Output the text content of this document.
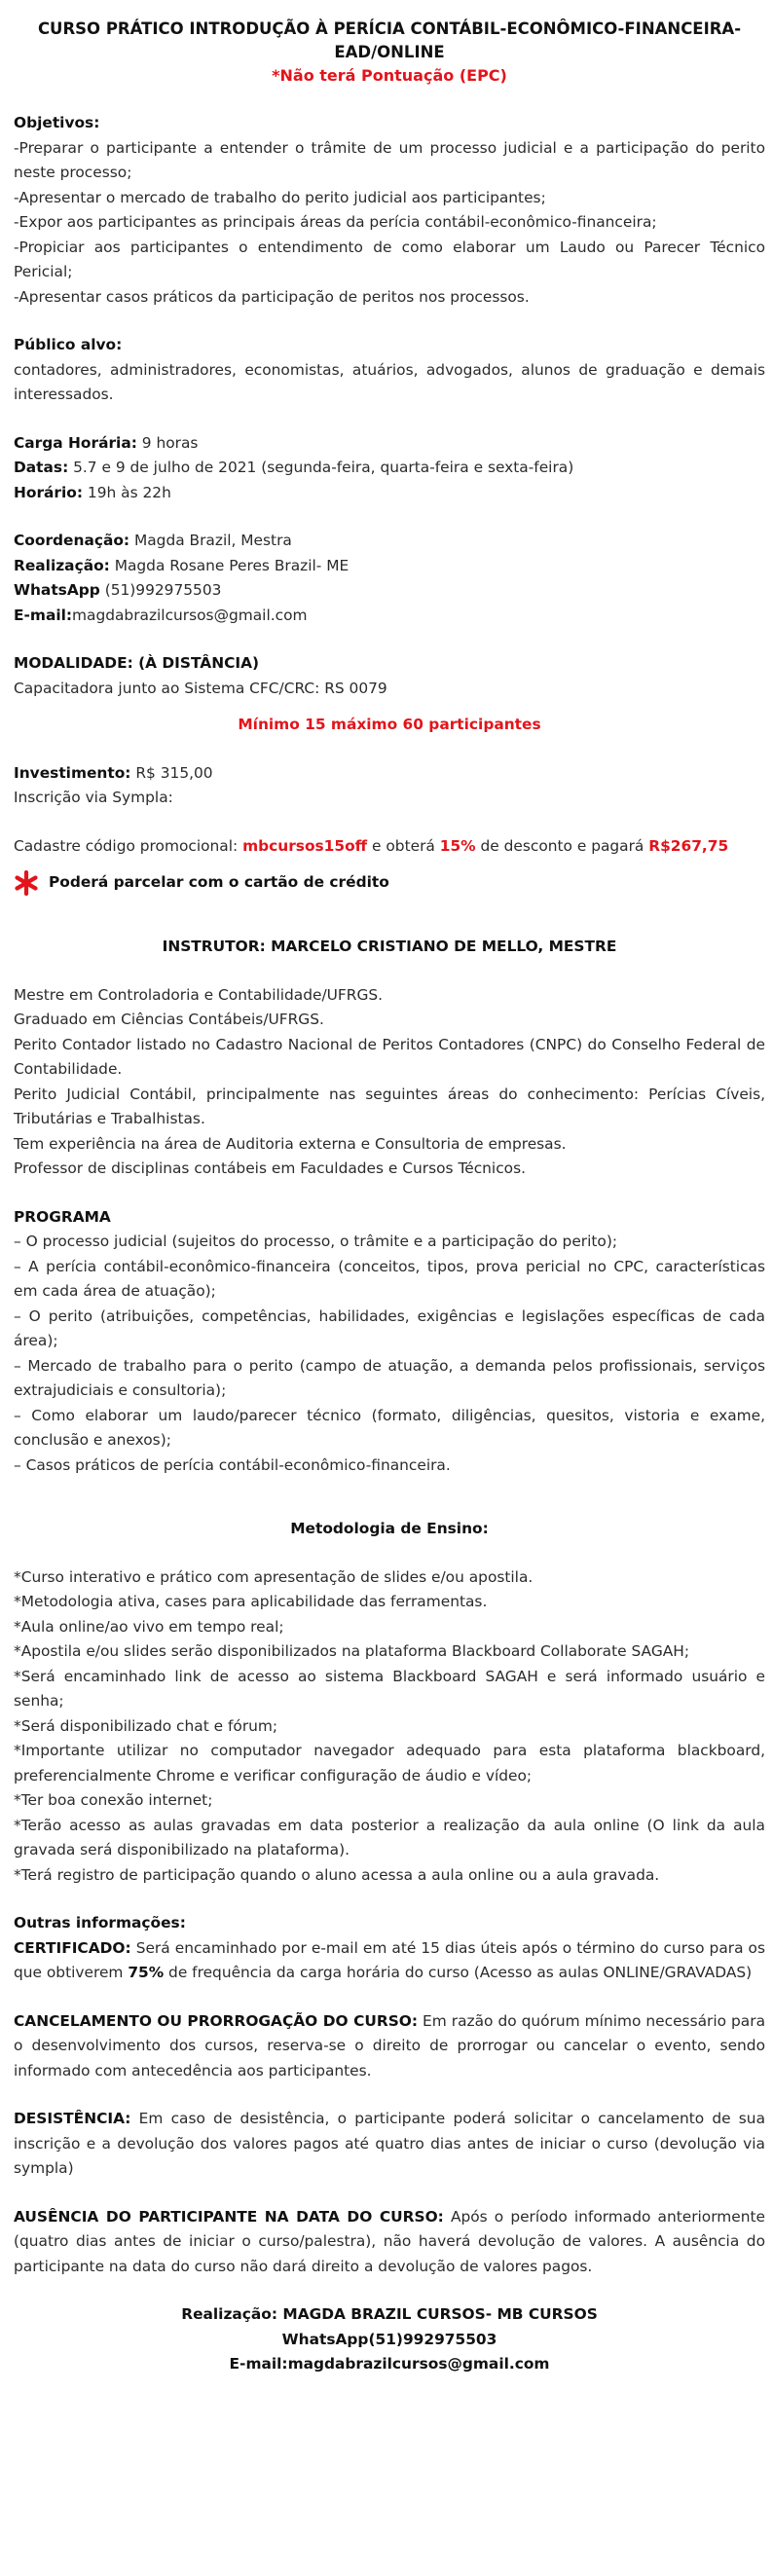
CURSO PRÁTICO INTRODUÇÃO À PERÍCIA CONTÁBIL-ECONÔMICO-FINANCEIRA-
EAD/ONLINE
*Não terá Pontuação (EPC)

Objetivos:

-Preparar o participante a entender o trâmite de um processo judicial e a participação do perito neste processo;

-Apresentar o mercado de trabalho do perito judicial aos participantes;

-Expor aos participantes as principais áreas da perícia contábil-econômico-financeira;

-Propiciar aos participantes o entendimento de como elaborar um Laudo ou Parecer Técnico Pericial;

-Apresentar casos práticos da participação de peritos nos processos.

Público alvo:

contadores, administradores, economistas, atuários, advogados, alunos de graduação e demais interessados.

Carga Horária: 9 horas

Datas: 5.7 e 9 de julho de 2021 (segunda-feira, quarta-feira e sexta-feira)

Horário: 19h às 22h

Coordenação: Magda Brazil, Mestra

Realização: Magda Rosane Peres Brazil- ME

WhatsApp (51)992975503

E-mail:magdabrazilcursos@gmail.com

MODALIDADE: (À DISTÂNCIA)

Capacitadora junto ao Sistema CFC/CRC: RS 0079

Mínimo 15 máximo 60 participantes

Investimento: R$ 315,00

Inscrição via Sympla:

Cadastre código promocional: mbcursos15off e obterá 15% de desconto e pagará R$267,75

Poderá parcelar com o cartão de crédito

INSTRUTOR: MARCELO CRISTIANO DE MELLO, MESTRE

Mestre em Controladoria e Contabilidade/UFRGS.

Graduado em Ciências Contábeis/UFRGS.

Perito Contador listado no Cadastro Nacional de Peritos Contadores (CNPC) do Conselho Federal de Contabilidade.

Perito Judicial Contábil, principalmente nas seguintes áreas do conhecimento: Perícias Cíveis, Tributárias e Trabalhistas.

Tem experiência na área de Auditoria externa e Consultoria de empresas.

Professor de disciplinas contábeis em Faculdades e Cursos Técnicos.

PROGRAMA

– O processo judicial (sujeitos do processo, o trâmite e a participação do perito);

– A perícia contábil-econômico-financeira (conceitos, tipos, prova pericial no CPC, características em cada área de atuação);

– O perito (atribuições, competências, habilidades, exigências e legislações específicas de cada área);

– Mercado de trabalho para o perito (campo de atuação, a demanda pelos profissionais, serviços extrajudiciais e consultoria);

– Como elaborar um laudo/parecer técnico (formato, diligências, quesitos, vistoria e exame, conclusão e anexos);

– Casos práticos de perícia contábil-econômico-financeira.

Metodologia de Ensino:

*Curso interativo e prático com apresentação de slides e/ou apostila.

*Metodologia ativa, cases para aplicabilidade das ferramentas.

*Aula online/ao vivo em tempo real;

*Apostila e/ou slides serão disponibilizados na plataforma Blackboard Collaborate SAGAH;

*Será encaminhado link de acesso ao sistema Blackboard SAGAH e será informado usuário e senha;

*Será disponibilizado chat e fórum;

*Importante utilizar no computador navegador adequado para esta plataforma blackboard, preferencialmente Chrome e verificar configuração de áudio e vídeo;

*Ter boa conexão internet;

*Terão acesso as aulas gravadas em data posterior a realização da aula online (O link da aula gravada será disponibilizado na plataforma).

*Terá registro de participação quando o aluno acessa a aula online ou a aula gravada.

Outras informações:

CERTIFICADO: Será encaminhado por e-mail em até 15 dias úteis após o término do curso para os que obtiverem 75% de frequência da carga horária do curso (Acesso as aulas ONLINE/GRAVADAS)

CANCELAMENTO OU PRORROGAÇÃO DO CURSO: Em razão do quórum mínimo necessário para o desenvolvimento dos cursos, reserva-se o direito de prorrogar ou cancelar o evento, sendo informado com antecedência aos participantes.

DESISTÊNCIA: Em caso de desistência, o participante poderá solicitar o cancelamento de sua inscrição e a devolução dos valores pagos até quatro dias antes de iniciar o curso (devolução via sympla)

AUSÊNCIA DO PARTICIPANTE NA DATA DO CURSO: Após o período informado anteriormente (quatro dias antes de iniciar o curso/palestra), não haverá devolução de valores. A ausência do participante na data do curso não dará direito a devolução de valores pagos.

Realização: MAGDA BRAZIL CURSOS- MB CURSOS

WhatsApp(51)992975503

E-mail:magdabrazilcursos@gmail.com
